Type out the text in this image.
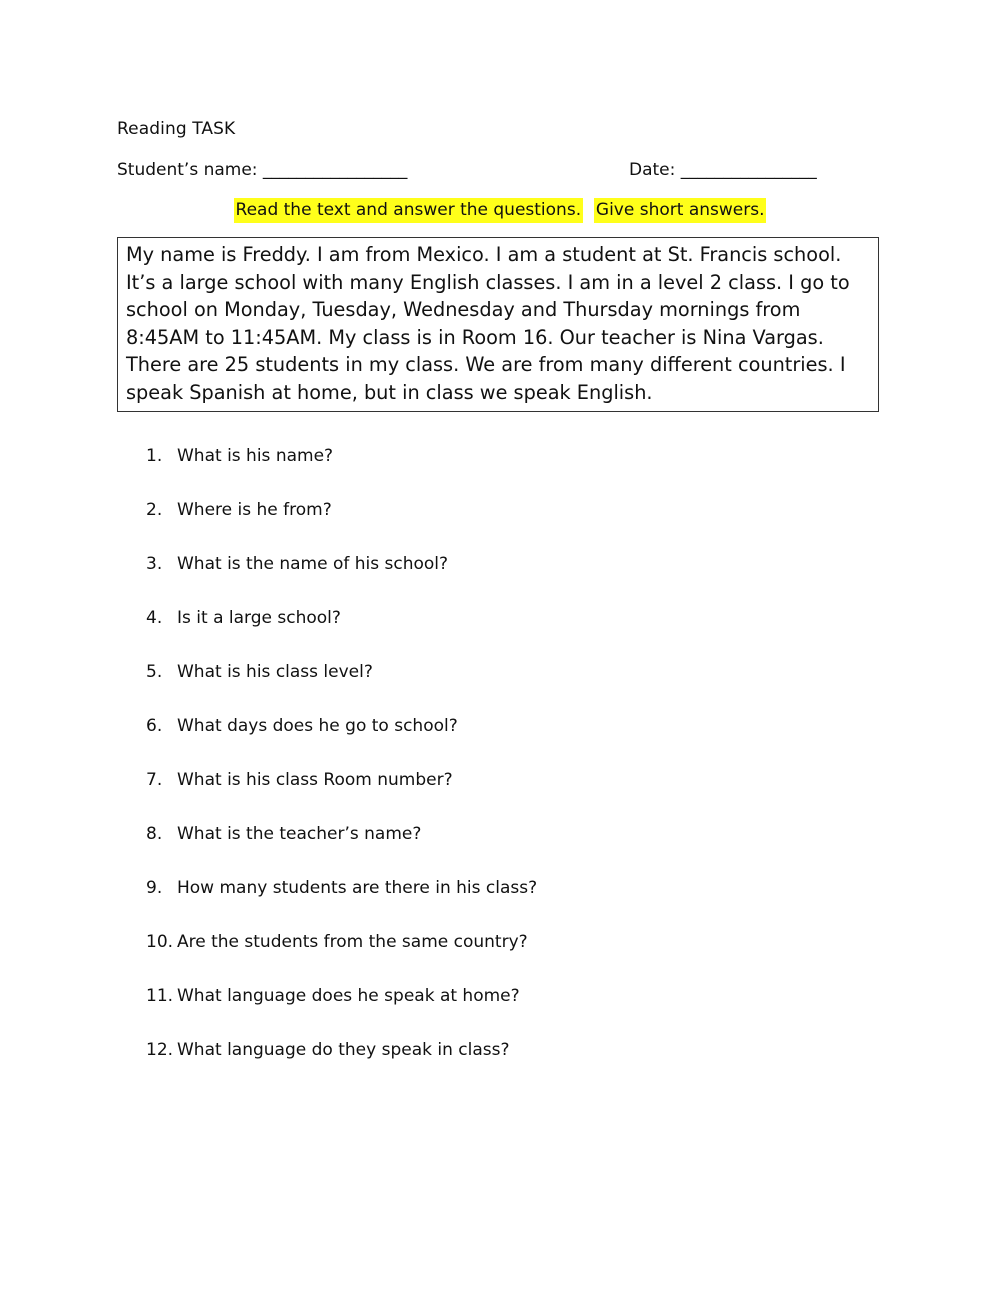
Reading TASK
Student’s name: _________________	Date: ________________
Read the text and answer the questions. Give short answers.
My name is Freddy. I am from Mexico. I am a student at St. Francis school. It’s a large school with many English classes. I am in a level 2 class. I go to school on Monday, Tuesday, Wednesday and Thursday mornings from 8:45AM to 11:45AM. My class is in Room 16. Our teacher is Nina Vargas. There are 25 students in my class. We are from many different countries. I speak Spanish at home, but in class we speak English.
1. What is his name?
2. Where is he from?
3. What is the name of his school?
4. Is it a large school?
5. What is his class level?
6. What days does he go to school?
7. What is his class Room number?
8. What is the teacher’s name?
9. How many students are there in his class?
10. Are the students from the same country?
11. What language does he speak at home?
12. What language do they speak in class?
